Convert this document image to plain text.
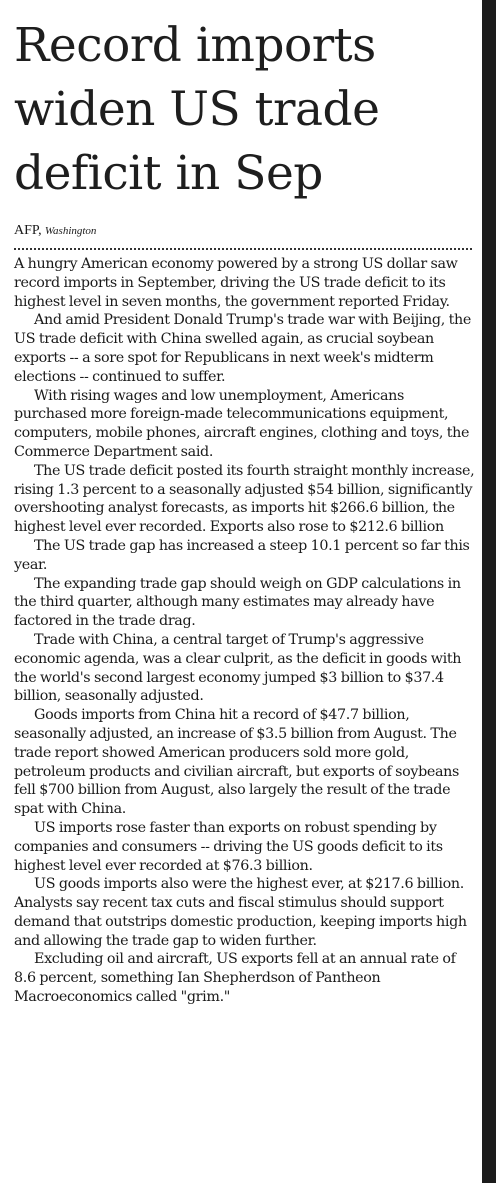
Record imports
widen US trade
deficit in Sep
AFP, Washington

A hungry American economy powered by a strong US dollar saw record imports in September, driving the US trade deficit to its highest level in seven months, the government reported Friday.

And amid President Donald Trump's trade war with Beijing, the US trade deficit with China swelled again, as crucial soybean exports -- a sore spot for Republicans in next week's midterm elections -- continued to suffer.

With rising wages and low unemployment, Americans purchased more foreign-made telecommunications equipment, computers, mobile phones, aircraft engines, clothing and toys, the Commerce Department said.

The US trade deficit posted its fourth straight monthly increase, rising 1.3 percent to a seasonally adjusted $54 billion, significantly overshooting analyst forecasts, as imports hit $266.6 billion, the highest level ever recorded. Exports also rose to $212.6 billion

The US trade gap has increased a steep 10.1 percent so far this year.

The expanding trade gap should weigh on GDP calculations in the third quarter, although many estimates may already have factored in the trade drag.

Trade with China, a central target of Trump's aggressive economic agenda, was a clear culprit, as the deficit in goods with the world's second largest economy jumped $3 billion to $37.4 billion, seasonally adjusted.

Goods imports from China hit a record of $47.7 billion, seasonally adjusted, an increase of $3.5 billion from August. The trade report showed American producers sold more gold, petroleum products and civilian aircraft, but exports of soybeans fell $700 billion from August, also largely the result of the trade spat with China.

US imports rose faster than exports on robust spending by companies and consumers -- driving the US goods deficit to its highest level ever recorded at $76.3 billion.

US goods imports also were the highest ever, at $217.6 billion. Analysts say recent tax cuts and fiscal stimulus should support demand that outstrips domestic production, keeping imports high and allowing the trade gap to widen further.

Excluding oil and aircraft, US exports fell at an annual rate of 8.6 percent, something Ian Shepherdson of Pantheon Macroeconomics called "grim."
